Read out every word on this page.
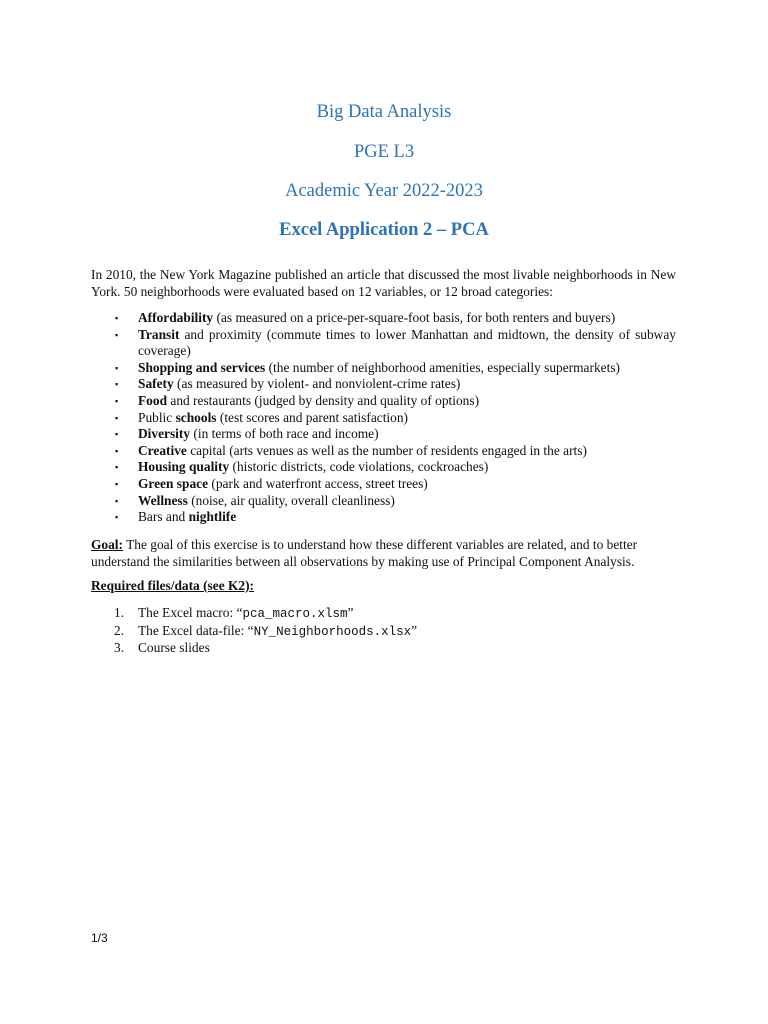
Big Data Analysis
PGE L3
Academic Year 2022-2023
Excel Application 2 – PCA
In 2010, the New York Magazine published an article that discussed the most livable neighborhoods in New York. 50 neighborhoods were evaluated based on 12 variables, or 12 broad categories:
▪ Affordability (as measured on a price-per-square-foot basis, for both renters and buyers)
▪ Transit and proximity (commute times to lower Manhattan and midtown, the density of subway coverage)
▪ Shopping and services (the number of neighborhood amenities, especially supermarkets)
▪ Safety (as measured by violent- and nonviolent-crime rates)
▪ Food and restaurants (judged by density and quality of options)
▪ Public schools (test scores and parent satisfaction)
▪ Diversity (in terms of both race and income)
▪ Creative capital (arts venues as well as the number of residents engaged in the arts)
▪ Housing quality (historic districts, code violations, cockroaches)
▪ Green space (park and waterfront access, street trees)
▪ Wellness (noise, air quality, overall cleanliness)
▪ Bars and nightlife
Goal: The goal of this exercise is to understand how these different variables are related, and to better understand the similarities between all observations by making use of Principal Component Analysis.
Required files/data (see K2):
1. The Excel macro: “pca_macro.xlsm”
2. The Excel data-file: “NY_Neighborhoods.xlsx”
3. Course slides
1/3
